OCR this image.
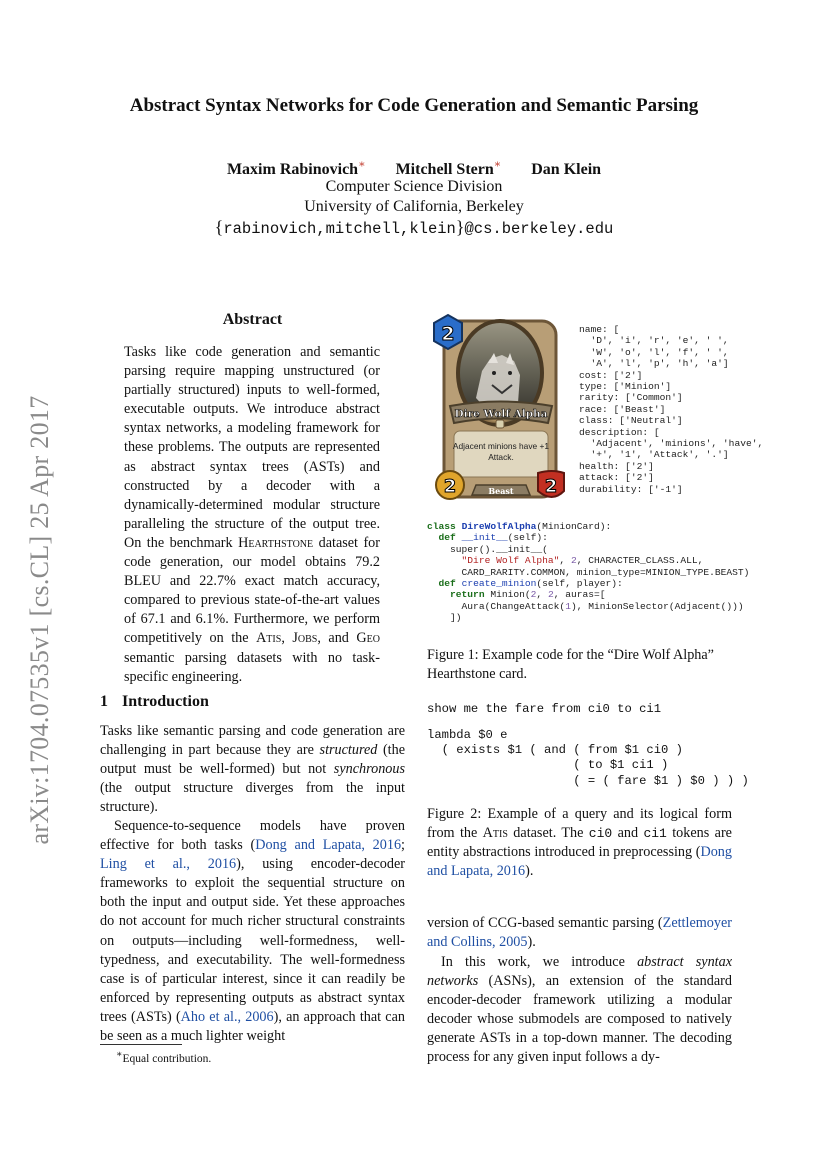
Abstract Syntax Networks for Code Generation and Semantic Parsing
Maxim Rabinovich∗ Mitchell Stern∗ Dan Klein
Computer Science Division
University of California, Berkeley
{rabinovich,mitchell,klein}@cs.berkeley.edu
arXiv:1704.07535v1 [cs.CL] 25 Apr 2017
Abstract
Tasks like code generation and semantic parsing require mapping unstructured (or partially structured) inputs to well-formed, executable outputs. We introduce abstract syntax networks, a modeling framework for these problems. The outputs are represented as abstract syntax trees (ASTs) and constructed by a decoder with a dynamically-determined modular structure paralleling the structure of the output tree. On the benchmark Hearthstone dataset for code generation, our model obtains 79.2 BLEU and 22.7% exact match accuracy, compared to previous state-of-the-art values of 67.1 and 6.1%. Furthermore, we perform competitively on the Atis, Jobs, and Geo semantic parsing datasets with no task-specific engineering.
1 Introduction
Tasks like semantic parsing and code generation are challenging in part because they are structured (the output must be well-formed) but not synchronous (the output structure diverges from the input structure).
Sequence-to-sequence models have proven effective for both tasks (Dong and Lapata, 2016; Ling et al., 2016), using encoder-decoder frameworks to exploit the sequential structure on both the input and output side. Yet these approaches do not account for much richer structural constraints on outputs—including well-formedness, well-typedness, and executability. The well-formedness case is of particular interest, since it can readily be enforced by representing outputs as abstract syntax trees (ASTs) (Aho et al., 2006), an approach that can be seen as a much lighter weight
∗Equal contribution.
Dire Wolf Alpha
Adjacent minions have +1
Attack.
2
2	2
Beast
name: [
'D', 'i', 'r', 'e', ' ',
'W', 'o', 'l', 'f', ' ',
'A', 'l', 'p', 'h', 'a']
cost: ['2']
type: ['Minion']
rarity: ['Common']
race: ['Beast']
class: ['Neutral']
description: [
'Adjacent', 'minions', 'have',
'+', '1', 'Attack', '.']
health: ['2']
attack: ['2']
durability: ['-1']
class DireWolfAlpha(MinionCard):
def __init__(self):
super().__init__(
"Dire Wolf Alpha", 2, CHARACTER_CLASS.ALL,
CARD_RARITY.COMMON, minion_type=MINION_TYPE.BEAST)
def create_minion(self, player):
return Minion(2, 2, auras=[
Aura(ChangeAttack(1), MinionSelector(Adjacent()))
])
Figure 1: Example code for the “Dire Wolf Alpha” Hearthstone card.
show me the fare from ci0 to ci1
lambda $0 e
( exists $1 ( and ( from $1 ci0 )
( to $1 ci1 )
( = ( fare $1 ) $0 ) ) )
Figure 2: Example of a query and its logical form from the Atis dataset. The ci0 and ci1 tokens are entity abstractions introduced in preprocessing (Dong and Lapata, 2016).
version of CCG-based semantic parsing (Zettlemoyer and Collins, 2005).
In this work, we introduce abstract syntax networks (ASNs), an extension of the standard encoder-decoder framework utilizing a modular decoder whose submodels are composed to natively generate ASTs in a top-down manner. The decoding process for any given input follows a dy-
